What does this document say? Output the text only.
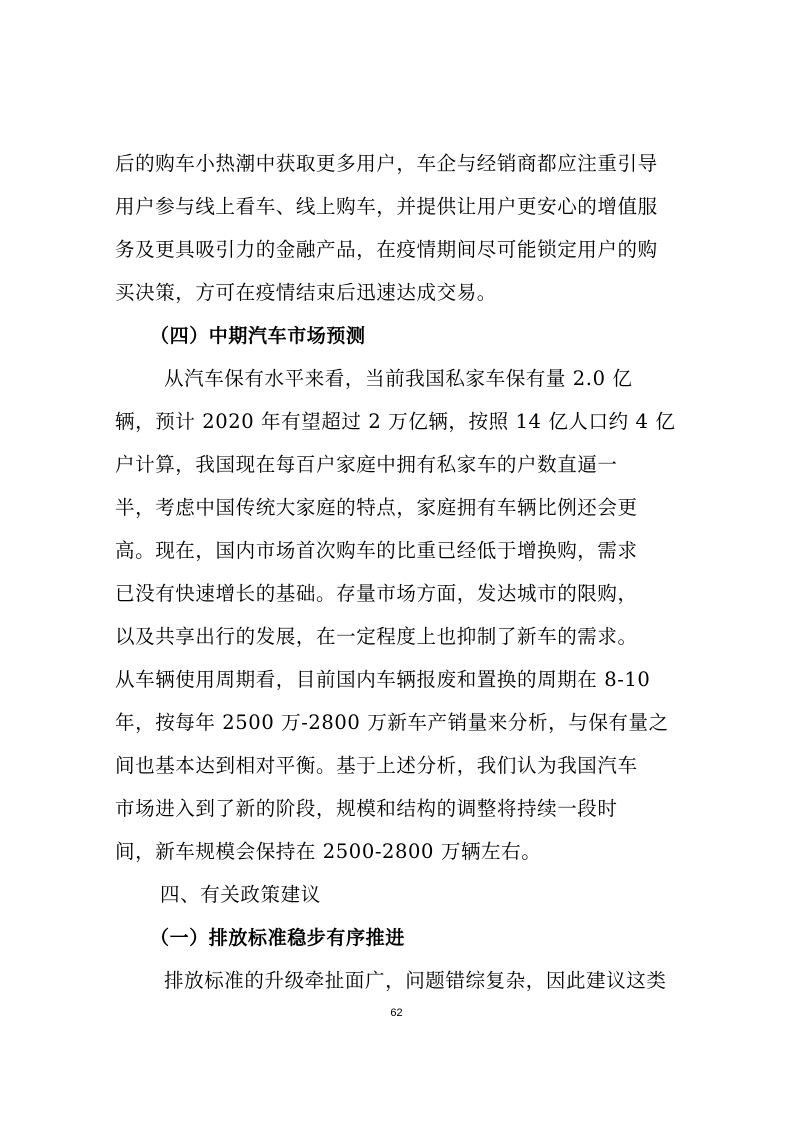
后的购车小热潮中获取更多用户，车企与经销商都应注重引导
用户参与线上看车、线上购车，并提供让用户更安心的增值服
务及更具吸引力的金融产品，在疫情期间尽可能锁定用户的购
买决策，方可在疫情结束后迅速达成交易。
（四）中期汽车市场预测
从汽车保有水平来看，当前我国私家车保有量 2.0 亿
辆，预计 2020 年有望超过 2 万亿辆，按照 14 亿人口约 4 亿
户计算，我国现在每百户家庭中拥有私家车的户数直逼一
半，考虑中国传统大家庭的特点，家庭拥有车辆比例还会更
高。现在，国内市场首次购车的比重已经低于增换购，需求
已没有快速增长的基础。存量市场方面，发达城市的限购，
以及共享出行的发展，在一定程度上也抑制了新车的需求。
从车辆使用周期看，目前国内车辆报废和置换的周期在 8-10
年，按每年 2500 万-2800 万新车产销量来分析，与保有量之
间也基本达到相对平衡。基于上述分析，我们认为我国汽车
市场进入到了新的阶段，规模和结构的调整将持续一段时
间，新车规模会保持在 2500-2800 万辆左右。
四、有关政策建议
（一）排放标准稳步有序推进
排放标准的升级牵扯面广，问题错综复杂，因此建议这类
62
